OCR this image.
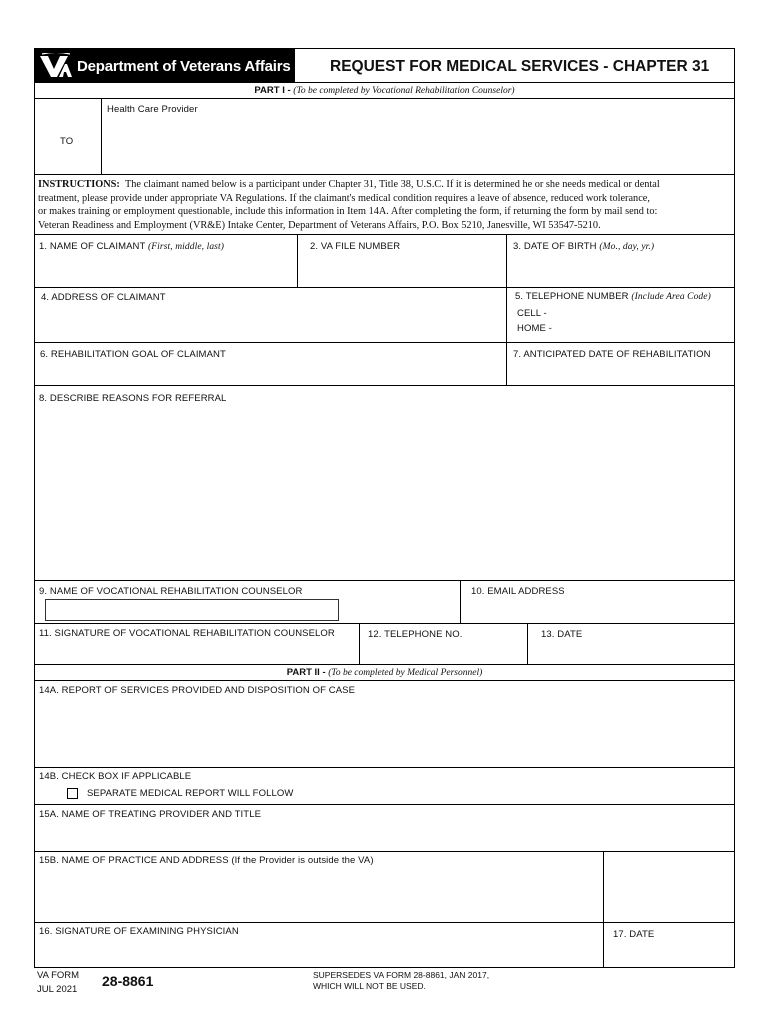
Department of Veterans Affairs	REQUEST FOR MEDICAL SERVICES - CHAPTER 31
PART I - (To be completed by Vocational Rehabilitation Counselor)
TO
Health Care Provider
INSTRUCTIONS: The claimant named below is a participant under Chapter 31, Title 38, U.S.C. If it is determined he or she needs medical or dental
treatment, please provide under appropriate VA Regulations. If the claimant's medical condition requires a leave of absence, reduced work tolerance,
or makes training or employment questionable, include this information in Item 14A. After completing the form, if returning the form by mail send to:
Veteran Readiness and Employment (VR&E) Intake Center, Department of Veterans Affairs, P.O. Box 5210, Janesville, WI 53547-5210.
1. NAME OF CLAIMANT (First, middle, last)	2. VA FILE NUMBER	3. DATE OF BIRTH (Mo., day, yr.)
4. ADDRESS OF CLAIMANT	5. TELEPHONE NUMBER (Include Area Code)
CELL -
HOME -
6. REHABILITATION GOAL OF CLAIMANT	7. ANTICIPATED DATE OF REHABILITATION
8. DESCRIBE REASONS FOR REFERRAL
9. NAME OF VOCATIONAL REHABILITATION COUNSELOR	10. EMAIL ADDRESS
11. SIGNATURE OF VOCATIONAL REHABILITATION COUNSELOR	12. TELEPHONE NO.	13. DATE
PART II - (To be completed by Medical Personnel)
14A. REPORT OF SERVICES PROVIDED AND DISPOSITION OF CASE
14B. CHECK BOX IF APPLICABLE
SEPARATE MEDICAL REPORT WILL FOLLOW
15A. NAME OF TREATING PROVIDER AND TITLE
15B. NAME OF PRACTICE AND ADDRESS (If the Provider is outside the VA)
16. SIGNATURE OF EXAMINING PHYSICIAN	17. DATE
VA FORM
JUL 2021
28-8861	SUPERSEDES VA FORM 28-8861, JAN 2017,
WHICH WILL NOT BE USED.
